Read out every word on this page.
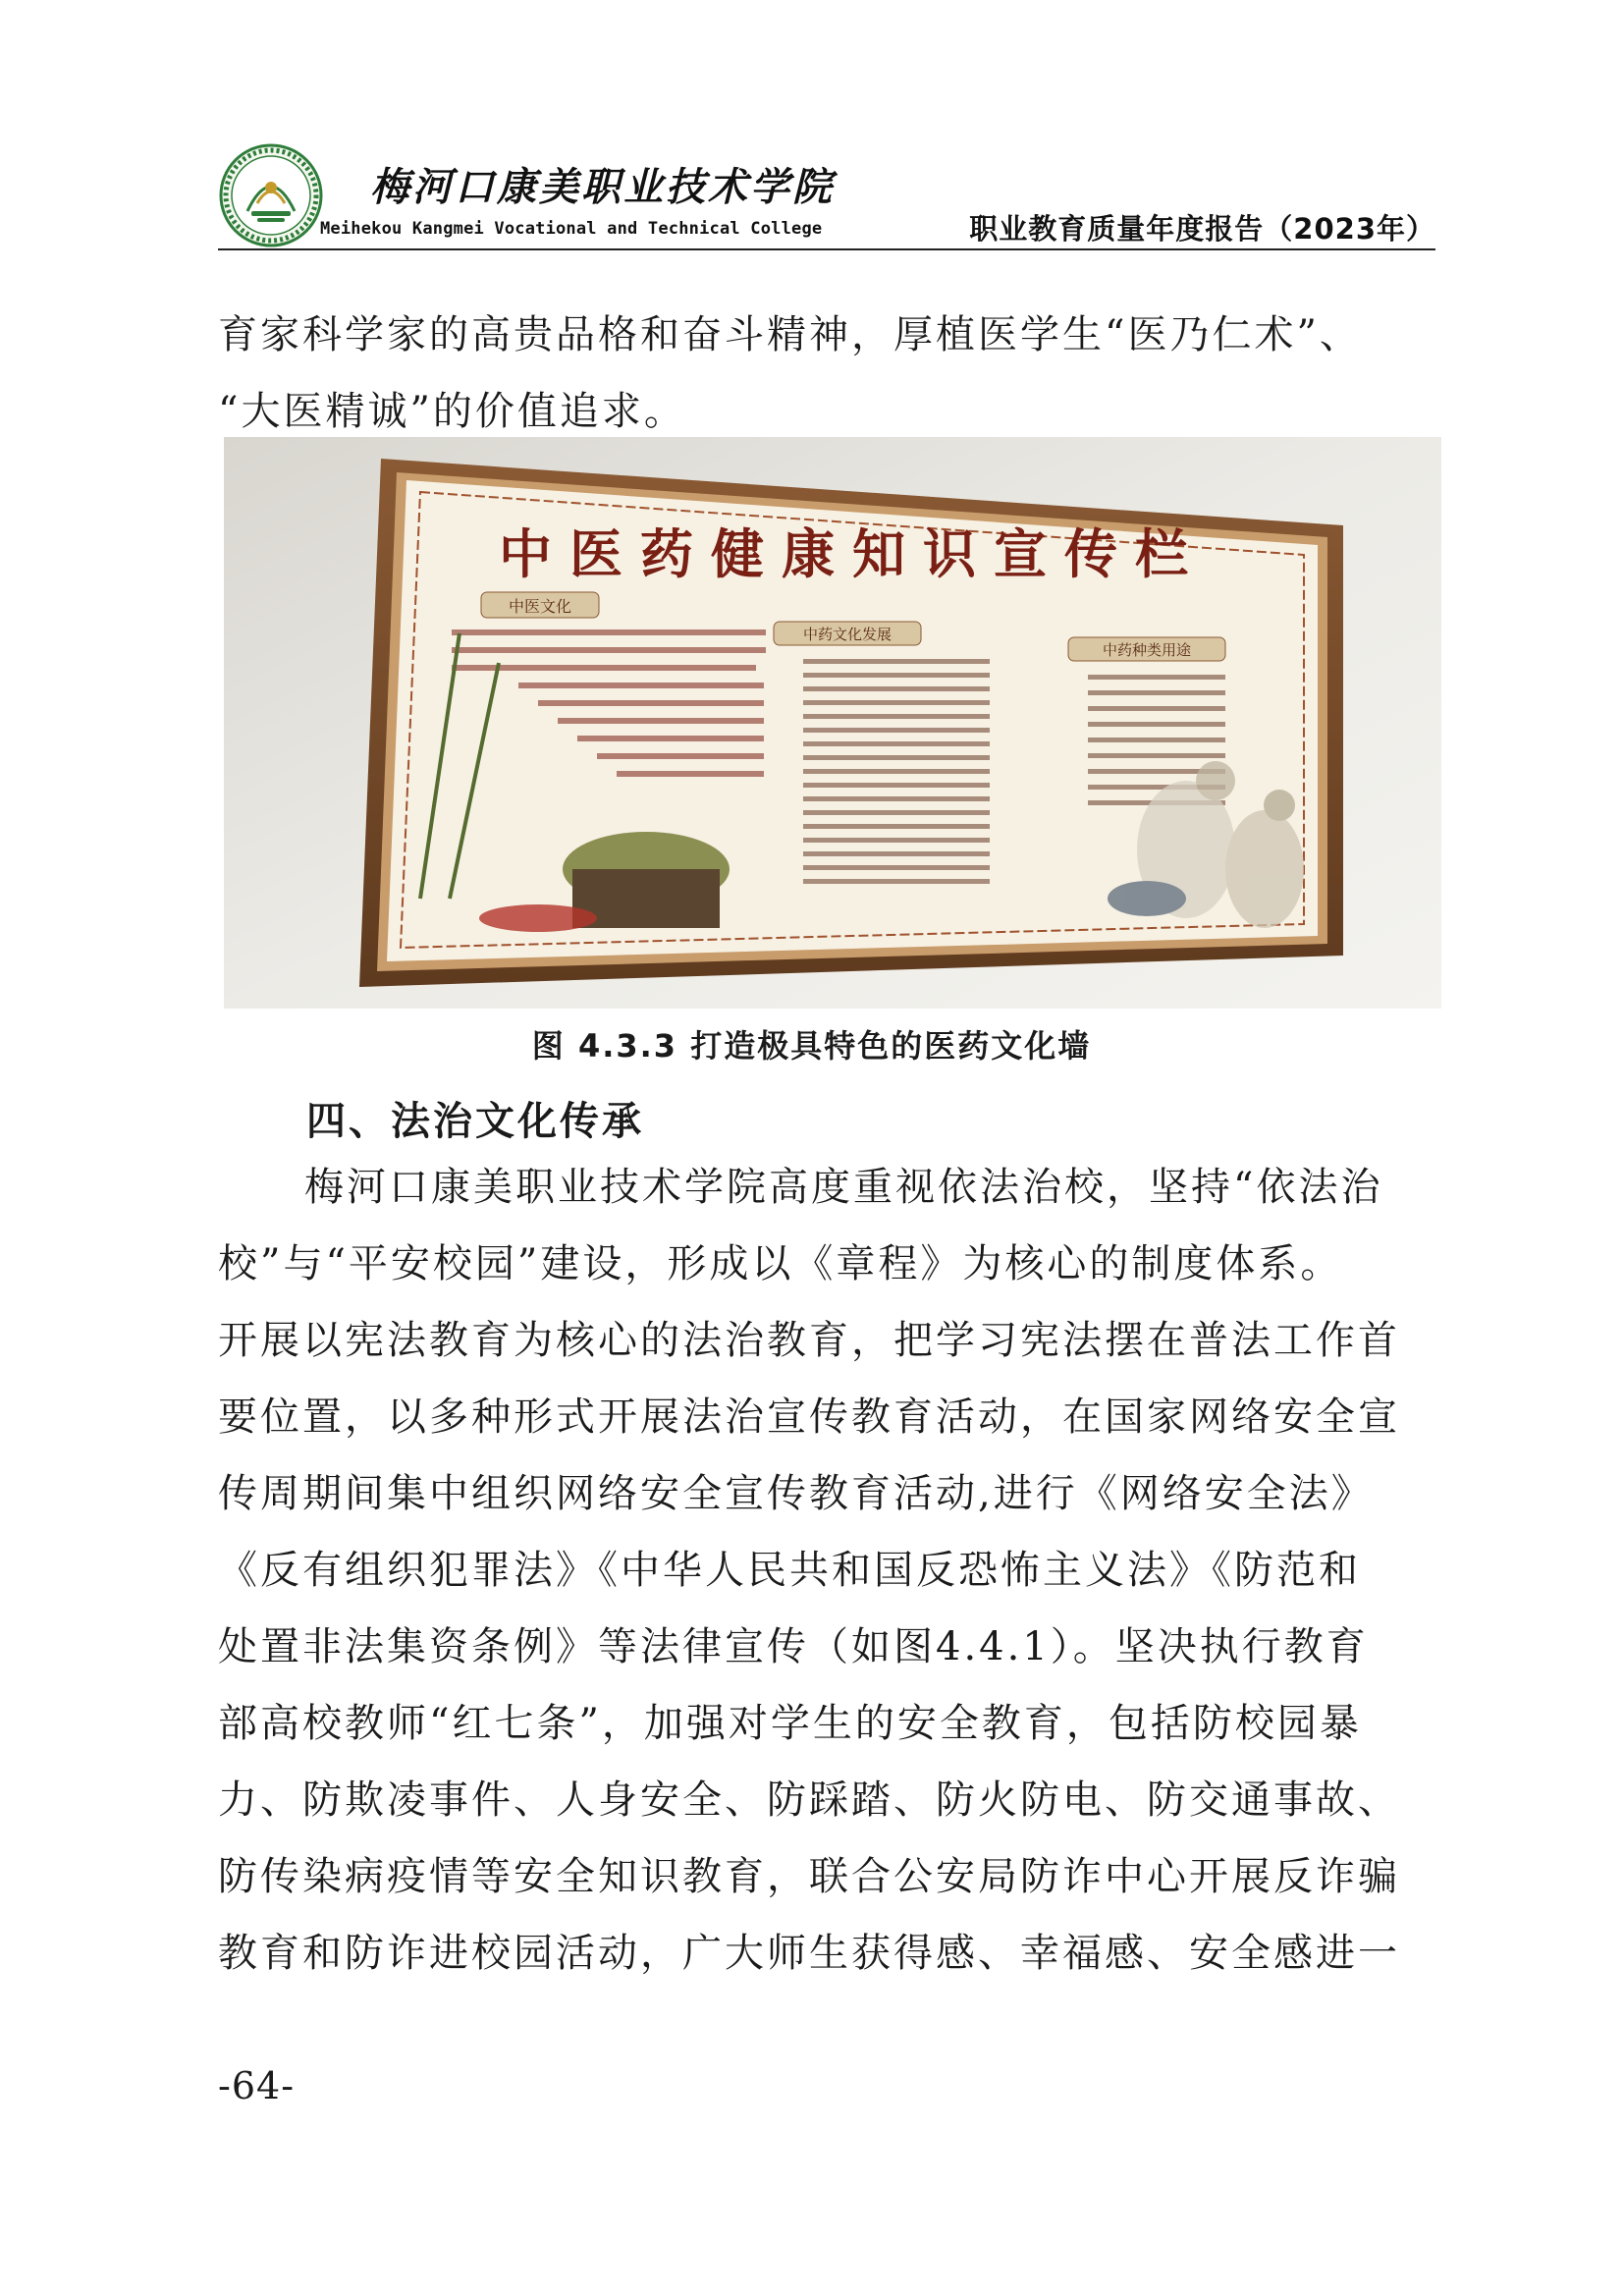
梅河口康美职业技术学院
Meihekou Kangmei Vocational and Technical College	职业教育质量年度报告（2023年）
育家科学家的高贵品格和奋斗精神，厚植医学生“医乃仁术”、
“大医精诚”的价值追求。
中医药健康知识宣传栏
中医文化
中药文化发展
中药种类用途
图 4.3.3 打造极具特色的医药文化墙
四、法治文化传承
梅河口康美职业技术学院高度重视依法治校，坚持“依法治
校”与“平安校园”建设，形成以《章程》为核心的制度体系。
开展以宪法教育为核心的法治教育，把学习宪法摆在普法工作首
要位置，以多种形式开展法治宣传教育活动，在国家网络安全宣
传周期间集中组织网络安全宣传教育活动,进行《网络安全法》
《反有组织犯罪法》《中华人民共和国反恐怖主义法》《防范和
处置非法集资条例》等法律宣传（如图4.4.1）。坚决执行教育
部高校教师“红七条”，加强对学生的安全教育，包括防校园暴
力、防欺凌事件、人身安全、防踩踏、防火防电、防交通事故、
防传染病疫情等安全知识教育，联合公安局防诈中心开展反诈骗
教育和防诈进校园活动，广大师生获得感、幸福感、安全感进一
-64-
